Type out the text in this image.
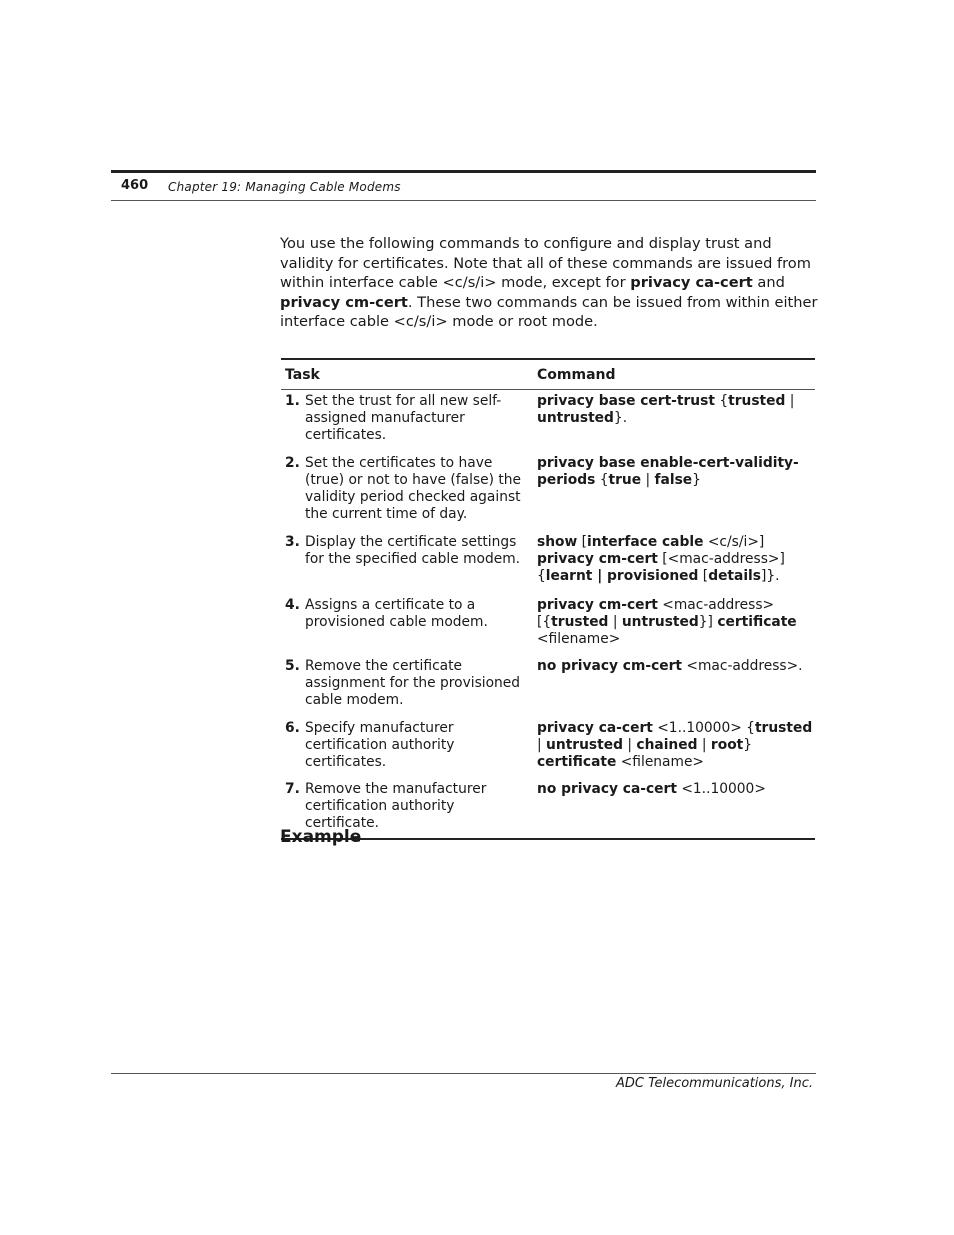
460 Chapter 19: Managing Cable Modems
You use the following commands to configure and display trust and validity for certificates. Note that all of these commands are issued from within interface cable <c/s/i> mode, except for privacy ca-cert and privacy cm-cert. These two commands can be issued from within either interface cable <c/s/i> mode or root mode.
Task	Command
1. Set the trust for all new self-assigned manufacturer certificates.
privacy base cert-trust {trusted | untrusted}.
2. Set the certificates to have (true) or not to have (false) the validity period checked against the current time of day.
privacy base enable-cert-validity-periods {true | false}
3. Display the certificate settings for the specified cable modem.
show [interface cable <c/s/i>] privacy cm-cert [<mac-address>] {learnt | provisioned [details]}.
4. Assigns a certificate to a provisioned cable modem.
privacy cm-cert <mac-address> [{trusted | untrusted}] certificate <filename>
5. Remove the certificate assignment for the provisioned cable modem.
no privacy cm-cert <mac-address>.
6. Specify manufacturer certification authority certificates.
privacy ca-cert <1..10000> {trusted | untrusted | chained | root} certificate <filename>
7. Remove the manufacturer certification authority certificate.
no privacy ca-cert <1..10000>
Example
ADC Telecommunications, Inc.
